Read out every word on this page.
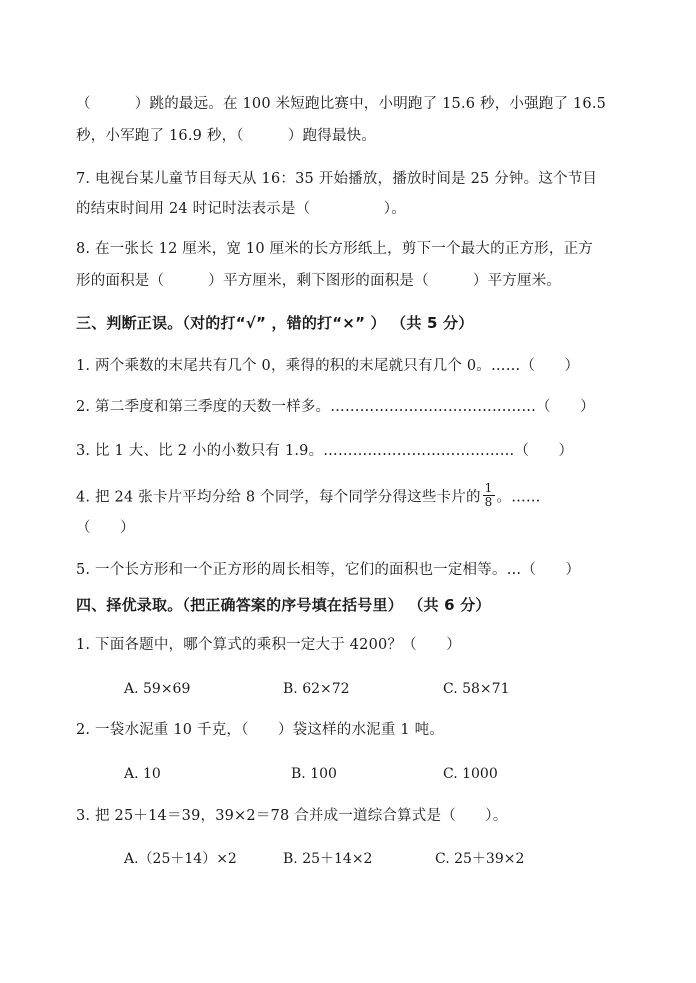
（　　　）跳的最远。在 100 米短跑比赛中，小明跑了 15.6 秒，小强跑了 16.5
秒，小军跑了 16.9 秒，（　　　）跑得最快。
7. 电视台某儿童节目每天从 16：35 开始播放，播放时间是 25 分钟。这个节目
的结束时间用 24 时记时法表示是（　　　　　）。
8. 在一张长 12 厘米，宽 10 厘米的长方形纸上，剪下一个最大的正方形，正方
形的面积是（　　　）平方厘米，剩下图形的面积是（　　　）平方厘米。
三、判断正误。（对的打“√” ，错的打“×” ） （共 5 分）
1. 两个乘数的末尾共有几个 0，乘得的积的末尾就只有几个 0。……（　　）
2. 第二季度和第三季度的天数一样多。……………………………………（　　）
3. 比 1 大、比 2 小的小数只有 1.9。…………………………………（　　）
4. 把 24 张卡片平均分给 8 个同学，每个同学分得这些卡片的 $\frac{1}{8}$ 。……
（　　）
5. 一个长方形和一个正方形的周长相等，它们的面积也一定相等。…（　　）
四、择优录取。（把正确答案的序号填在括号里） （共 6 分）
1. 下面各题中，哪个算式的乘积一定大于 4200？（　　）
A. 59×69	B. 62×72	C. 58×71
2. 一袋水泥重 10 千克，（　　）袋这样的水泥重 1 吨。
A. 10	B. 100	C. 1000
3. 把 25＋14＝39，39×2＝78 合并成一道综合算式是（　　）。
A.（25＋14）×2	B. 25＋14×2	C. 25＋39×2
